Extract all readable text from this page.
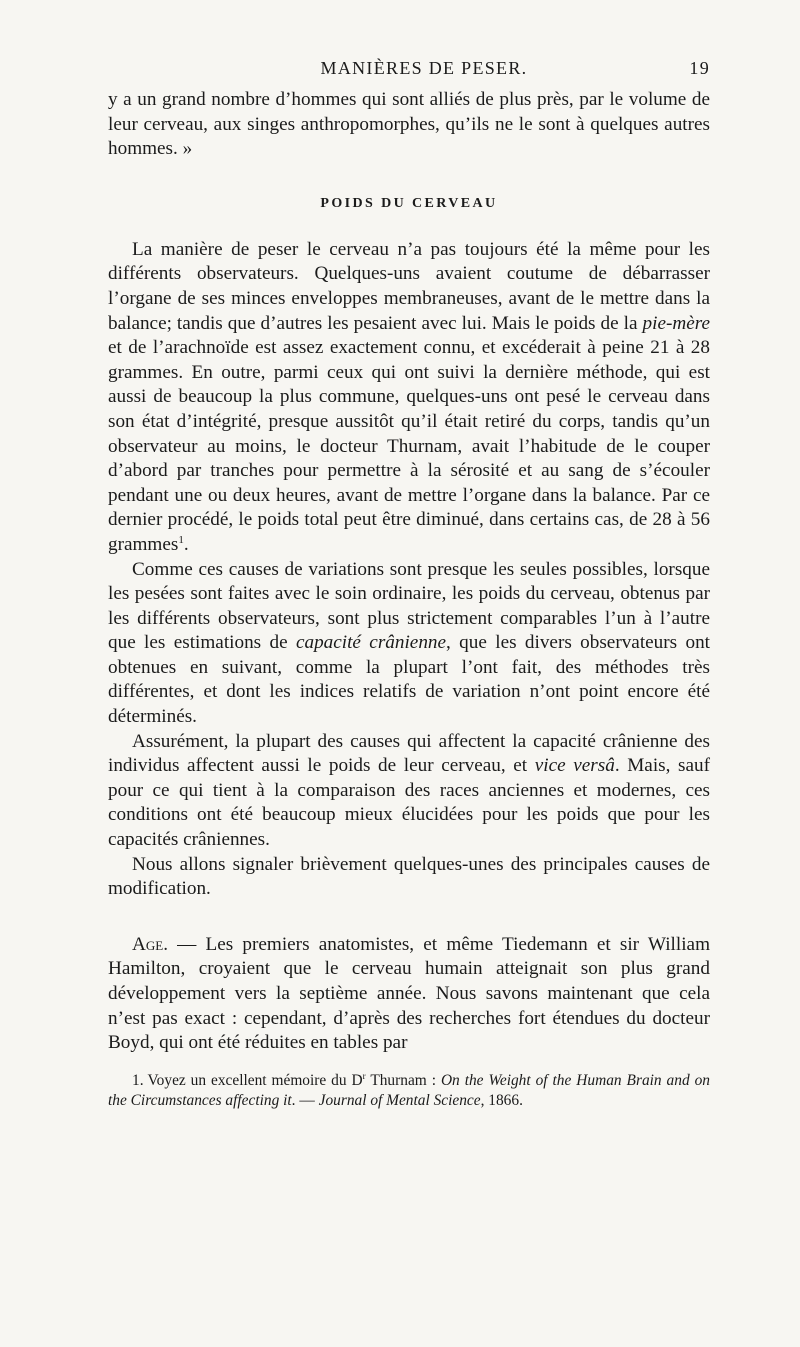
MANIÈRES DE PESER.	19

y a un grand nombre d’hommes qui sont alliés de plus près, par le volume de leur cerveau, aux singes anthropomorphes, qu’ils ne le sont à quelques autres hommes. »

POIDS DU CERVEAU

La manière de peser le cerveau n’a pas toujours été la même pour les différents observateurs. Quelques-uns avaient coutume de débarrasser l’organe de ses minces enveloppes membraneuses, avant de le mettre dans la balance; tandis que d’autres les pesaient avec lui. Mais le poids de la pie-mère et de l’arachnoïde est assez exactement connu, et excéderait à peine 21 à 28 grammes. En outre, parmi ceux qui ont suivi la dernière méthode, qui est aussi de beaucoup la plus commune, quelques-uns ont pesé le cerveau dans son état d’intégrité, presque aussitôt qu’il était retiré du corps, tandis qu’un observateur au moins, le docteur Thurnam, avait l’habitude de le couper d’abord par tranches pour permettre à la sérosité et au sang de s’écouler pendant une ou deux heures, avant de mettre l’organe dans la balance. Par ce dernier procédé, le poids total peut être diminué, dans certains cas, de 28 à 56 grammes$^1$.

Comme ces causes de variations sont presque les seules possibles, lorsque les pesées sont faites avec le soin ordinaire, les poids du cerveau, obtenus par les différents observateurs, sont plus strictement comparables l’un à l’autre que les estimations de capacité crânienne, que les divers observateurs ont obtenues en suivant, comme la plupart l’ont fait, des méthodes très différentes, et dont les indices relatifs de variation n’ont point encore été déterminés.

Assurément, la plupart des causes qui affectent la capacité crânienne des individus affectent aussi le poids de leur cerveau, et vice versâ. Mais, sauf pour ce qui tient à la comparaison des races anciennes et modernes, ces conditions ont été beaucoup mieux élucidées pour les poids que pour les capacités crâniennes.

Nous allons signaler brièvement quelques-unes des principales causes de modification.

Age. — Les premiers anatomistes, et même Tiedemann et sir William Hamilton, croyaient que le cerveau humain atteignait son plus grand développement vers la septième année. Nous savons maintenant que cela n’est pas exact : cependant, d’après des recherches fort étendues du docteur Boyd, qui ont été réduites en tables par

1. Voyez un excellent mémoire du $D^r$ Thurnam : On the Weight of the Human Brain and on the Circumstances affecting it. — Journal of Mental Science, 1866.
